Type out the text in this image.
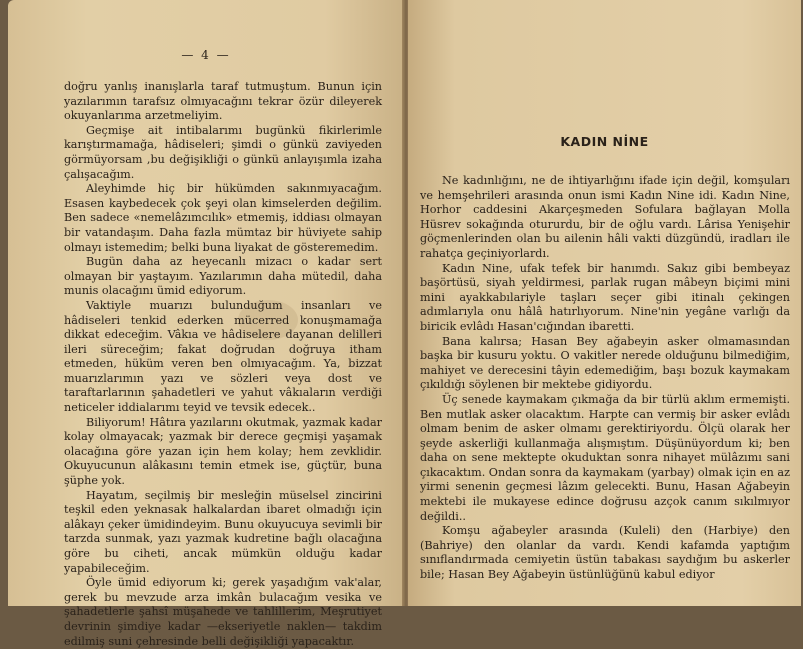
— 4 —

doğru yanlış inanışlarla taraf tutmuştum. Bunun için yazılarımın tarafsız olmıyacağını tekrar özür dileyerek okuyanlarıma arzetmeliyim.

Geçmişe ait intibalarımı bugünkü fikirlerimle karıştırmamağa, hâdiseleri; şimdi o günkü zaviyeden görmüyorsam ,bu değişikliği o günkü anlayışımla izaha çalışacağım.

Aleyhimde hiç bir hükümden sakınmıyacağım. Esasen kaybedecek çok şeyi olan kimselerden değilim. Ben sadece «nemelâzımcılık» etmemiş, iddiası olmayan bir vatandaşım. Daha fazla mümtaz bir hüviyete sahip olmayı istemedim; belki buna liyakat de gösteremedim.

Bugün daha az heyecanlı mizacı o kadar sert olmayan bir yaştayım. Yazılarımın daha mütedil, daha munis olacağını ümid ediyorum.

Vaktiyle muarızı bulunduğum insanları ve hâdiseleri tenkid ederken mücerred konuşmamağa dikkat edeceğim. Vâkıa ve hâdiselere dayanan delilleri ileri süreceğim; fakat doğrudan doğruya itham etmeden, hüküm veren ben olmıyacağım. Ya, bizzat muarızlarımın yazı ve sözleri veya dost ve taraftarlarının şahadetleri ve yahut vâkıaların verdiği neticeler iddialarımı teyid ve tevsik edecek..

Biliyorum! Hâtıra yazılarını okutmak, yazmak kadar kolay olmayacak; yazmak bir derece geçmişi yaşamak olacağına göre yazan için hem kolay; hem zevklidir. Okuyucunun alâkasını temin etmek ise, güçtür, buna şüphe yok.

Hayatım, seçilmiş bir mesleğin müselsel zincirini teşkil eden yeknasak halkalardan ibaret olmadığı için alâkayı çeker ümidindeyim. Bunu okuyucuya sevimli bir tarzda sunmak, yazı yazmak kudretine bağlı olacağına göre bu ciheti, ancak mümkün olduğu kadar yapabileceğim.

Öyle ümid ediyorum ki; gerek yaşadığım vak'alar, gerek bu mevzude arza imkân bulacağım vesika ve şahadetlerle şahsî müşahede ve tahlillerim, Meşrutiyet devrinin şimdiye kadar —ekseriyetle naklen— takdim edilmiş suni çehresinde belli değişikliği yapacaktır.

KADIN NİNE

Ne kadınlığını, ne de ihtiyarlığını ifade için değil, komşuları ve hemşehrileri arasında onun ismi Kadın Nine idi. Kadın Nine, Horhor caddesini Akarçeşmeden Sofulara bağlayan Molla Hüsrev sokağında otururdu, bir de oğlu vardı. Lârisa Yenişehir göçmenlerinden olan bu ailenin hâli vakti düzgündü, iradları ile rahatça geçiniyorlardı.

Kadın Nine, ufak tefek bir hanımdı. Sakız gibi bembeyaz başörtüsü, siyah yeldirmesi, parlak rugan mâbeyn biçimi mini mini ayakkabılariyle taşları seçer gibi itinalı çekingen adımlarıyla onu hâlâ hatırlıyorum. Nine'nin yegâne varlığı da biricik evlâdı Hasan'cığından ibaretti.

Bana kalırsa; Hasan Bey ağabeyin asker olmamasından başka bir kusuru yoktu. O vakitler nerede olduğunu bilmediğim, mahiyet ve derecesini tâyin edemediğim, başı bozuk kaymakam çıkıldığı söylenen bir mektebe gidiyordu.

Üç senede kaymakam çıkmağa da bir türlü aklım ermemişti. Ben mutlak asker olacaktım. Harpte can vermiş bir asker evlâdı olmam benim de asker olmamı gerektiriyordu. Ölçü olarak her şeyde askerliği kullanmağa alışmıştım. Düşünüyordum ki; ben daha on sene mektepte okuduktan sonra nihayet mülâzımı sani çıkacaktım. Ondan sonra da kaymakam (yarbay) olmak için en az yirmi senenin geçmesi lâzım gelecekti. Bunu, Hasan Ağabeyin mektebi ile mukayese edince doğrusu azçok canım sıkılmıyor değildi..

Komşu ağabeyler arasında (Kuleli) den (Harbiye) den (Bahriye) den olanlar da vardı. Kendi kafamda yaptığım sınıflandırmada cemiyetin üstün tabakası saydığım bu askerler bile; Hasan Bey Ağabeyin üstünlüğünü kabul ediyor
